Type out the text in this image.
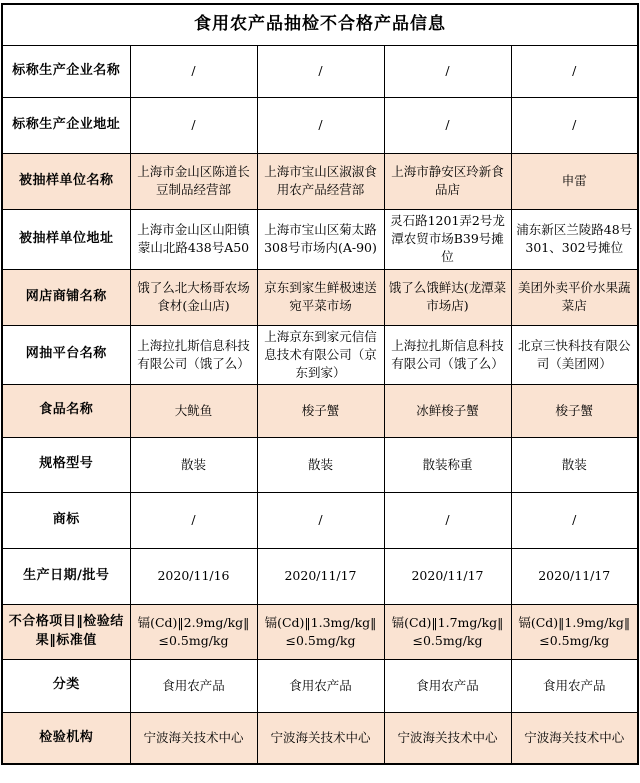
食用农产品抽检不合格产品信息				
标称生产企业名称	/	/	/	/
标称生产企业地址	/	/	/	/
被抽样单位名称	上海市金山区陈道长豆制品经营部	上海市宝山区淑淑食用农产品经营部	上海市静安区玲新食品店	申雷
被抽样单位地址	上海市金山区山阳镇蒙山北路438号A50	上海市宝山区菊太路308号市场内(A-90)	灵石路1201弄2号龙潭农贸市场B39号摊位	浦东新区兰陵路48号301、302号摊位
网店商铺名称	饿了么北大杨哥农场食材(金山店)	京东到家生鲜极速送宛平菜市场	饿了么饿鲜达(龙潭菜市场店)	美团外卖平价水果蔬菜店
网抽平台名称	上海拉扎斯信息科技有限公司（饿了么）	上海京东到家元信信息技术有限公司（京东到家）	上海拉扎斯信息科技有限公司（饿了么）	北京三快科技有限公司（美团网）
食品名称	大鱿鱼	梭子蟹	冰鲜梭子蟹	梭子蟹
规格型号	散装	散装	散装称重	散装
商标	/	/	/	/
生产日期/批号	2020/11/16	2020/11/17	2020/11/17	2020/11/17
不合格项目‖检验结果‖标准值	镉(Cd)‖2.9mg/kg‖ ≤0.5mg/kg	镉(Cd)‖1.3mg/kg‖ ≤0.5mg/kg	镉(Cd)‖1.7mg/kg‖ ≤0.5mg/kg	镉(Cd)‖1.9mg/kg‖ ≤0.5mg/kg
分类	食用农产品	食用农产品	食用农产品	食用农产品
检验机构	宁波海关技术中心	宁波海关技术中心	宁波海关技术中心	宁波海关技术中心
